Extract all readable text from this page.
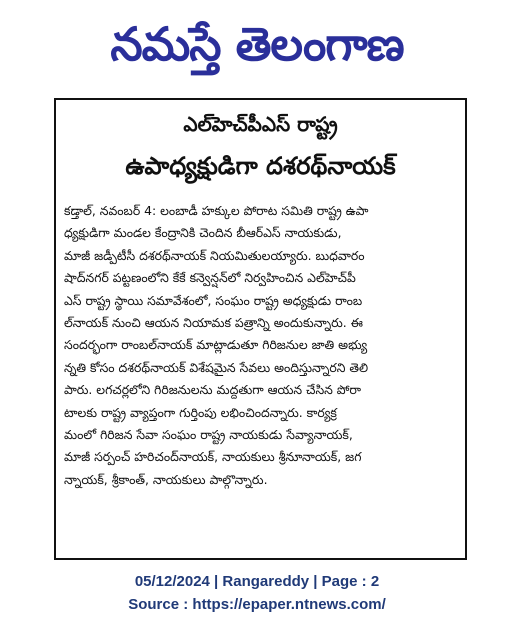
నమస్తే తెలంగాణ
ఎల్‌హెచ్‌పీఎస్ రాష్ట్ర
ఉపాధ్యక్షుడిగా దశరథ్‌నాయక్
కడ్తాల్, నవంబర్ 4: లంబాడీ హక్కుల పోరాట సమితి రాష్ట్ర ఉపా
ధ్యక్షుడిగా మండల కేంద్రానికి చెందిన బీఆర్ఎస్ నాయకుడు,
మాజీ జడ్పీటీసీ దశరథ్‌నాయక్ నియమితులయ్యారు. బుధవారం
షాద్‌నగర్ పట్టణంలోని కేకే కన్వెన్షన్‌లో నిర్వహించిన ఎల్‌హెచ్‌పీ
ఎస్ రాష్ట్ర స్థాయి సమావేశంలో, సంఘం రాష్ట్ర అధ్యక్షుడు రాంబ
ల్‌నాయక్ నుంచి ఆయన నియామక పత్రాన్ని అందుకున్నారు. ఈ
సందర్భంగా రాంబల్‌నాయక్ మాట్లాడుతూ గిరిజనుల జాతి అభ్యు
న్నతి కోసం దశరథ్‌నాయక్ విశేషమైన సేవలు అందిస్తున్నారని తెలి
పారు. లగచర్లలోని గిరిజనులను మద్దతుగా ఆయన చేసిన పోరా
టాలకు రాష్ట్ర వ్యాప్తంగా గుర్తింపు లభించిందన్నారు. కార్యక్ర
మంలో గిరిజన సేవా సంఘం రాష్ట్ర నాయకుడు సేవ్యానాయక్,
మాజీ సర్పంచ్ హరిచంద్‌నాయక్, నాయకులు శ్రీనూనాయక్, జగ
న్నాయక్, శ్రీకాంత్, నాయకులు పాల్గొన్నారు.
05/12/2024 | Rangareddy | Page : 2
Source : https://epaper.ntnews.com/
